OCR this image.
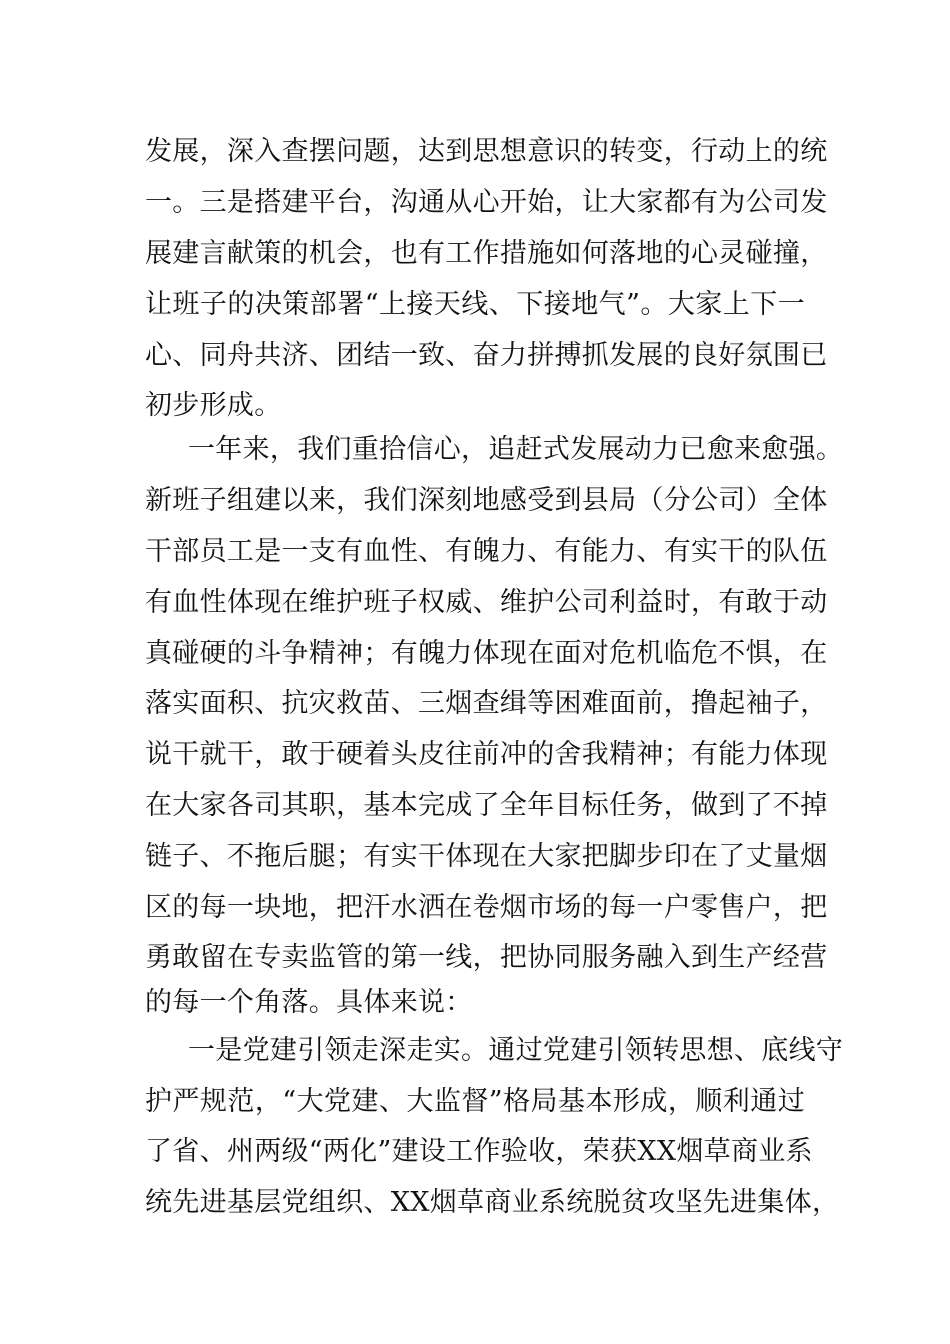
发展，深入查摆问题，达到思想意识的转变，行动上的统
一。三是搭建平台，沟通从心开始，让大家都有为公司发
展建言献策的机会，也有工作措施如何落地的心灵碰撞，
让班子的决策部署“上接天线、下接地气”。大家上下一
心、同舟共济、团结一致、奋力拼搏抓发展的良好氛围已
初步形成。
一年来，我们重拾信心，追赶式发展动力已愈来愈强。
新班子组建以来，我们深刻地感受到县局（分公司）全体
干部员工是一支有血性、有魄力、有能力、有实干的队伍
有血性体现在维护班子权威、维护公司利益时，有敢于动
真碰硬的斗争精神；有魄力体现在面对危机临危不惧，在
落实面积、抗灾救苗、三烟查缉等困难面前，撸起袖子，
说干就干，敢于硬着头皮往前冲的舍我精神；有能力体现
在大家各司其职，基本完成了全年目标任务，做到了不掉
链子、不拖后腿；有实干体现在大家把脚步印在了丈量烟
区的每一块地，把汗水洒在卷烟市场的每一户零售户，把
勇敢留在专卖监管的第一线，把协同服务融入到生产经营
的每一个角落。具体来说：
一是党建引领走深走实。通过党建引领转思想、底线守
护严规范，“大党建、大监督”格局基本形成，顺利通过
了省、州两级“两化”建设工作验收，荣获XX烟草商业系
统先进基层党组织、XX烟草商业系统脱贫攻坚先进集体，
